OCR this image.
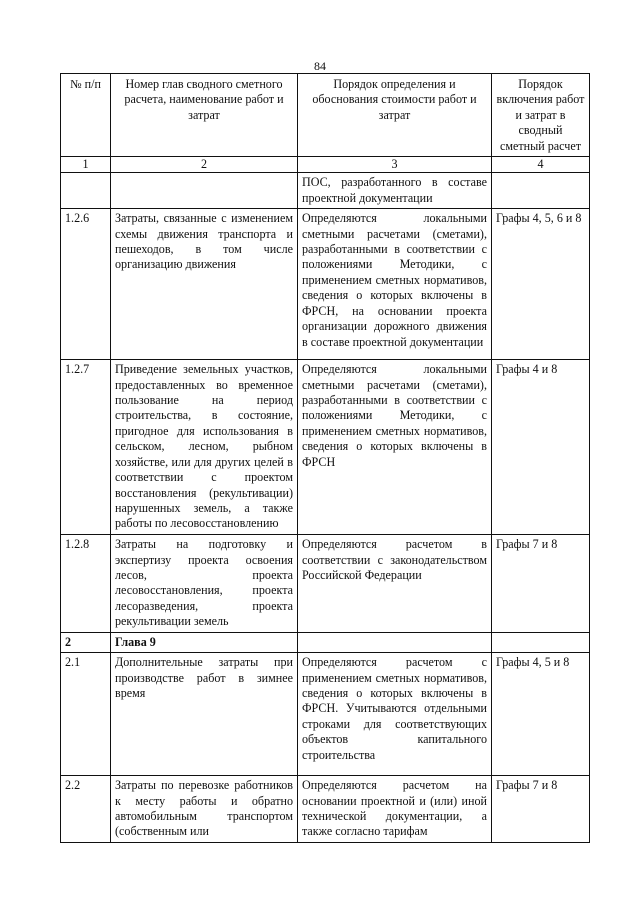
84
№ п/п	Номер глав сводного сметного расчета, наименование работ и затрат	Порядок определения и обоснования стоимости работ и затрат	Порядок включения работ и затрат в сводный сметный расчет
1	2	3	4
		ПОС, разработанного в составе проектной документации	
1.2.6	Затраты, связанные с изменением схемы движения транспорта и пешеходов, в том числе организацию движения	Определяются локальными сметными расчетами (сметами), разработанными в соответствии с положениями Методики, с применением сметных нормативов, сведения о которых включены в ФРСН, на основании проекта организации дорожного движения в составе проектной документации	Графы 4, 5, 6 и 8
1.2.7	Приведение земельных участков, предоставленных во временное пользование на период строительства, в состояние, пригодное для использования в сельском, лесном, рыбном хозяйстве, или для других целей в соответствии с проектом восстановления (рекультивации) нарушенных земель, а также работы по лесовосстановлению	Определяются локальными сметными расчетами (сметами), разработанными в соответствии с положениями Методики, с применением сметных нормативов, сведения о которых включены в ФРСН	Графы 4 и 8
1.2.8	Затраты на подготовку и экспертизу проекта освоения лесов, проекта лесовосстановления, проекта лесоразведения, проекта рекультивации земель	Определяются расчетом в соответствии с законодательством Российской Федерации	Графы 7 и 8
2	Глава 9		
2.1	Дополнительные затраты при производстве работ в зимнее время	Определяются расчетом с применением сметных нормативов, сведения о которых включены в ФРСН. Учитываются отдельными строками для соответствующих объектов капитального строительства	Графы 4, 5 и 8
2.2	Затраты по перевозке работников к месту работы и обратно автомобильным транспортом (собственным или	Определяются расчетом на основании проектной и (или) иной технической документации, а также согласно тарифам	Графы 7 и 8
